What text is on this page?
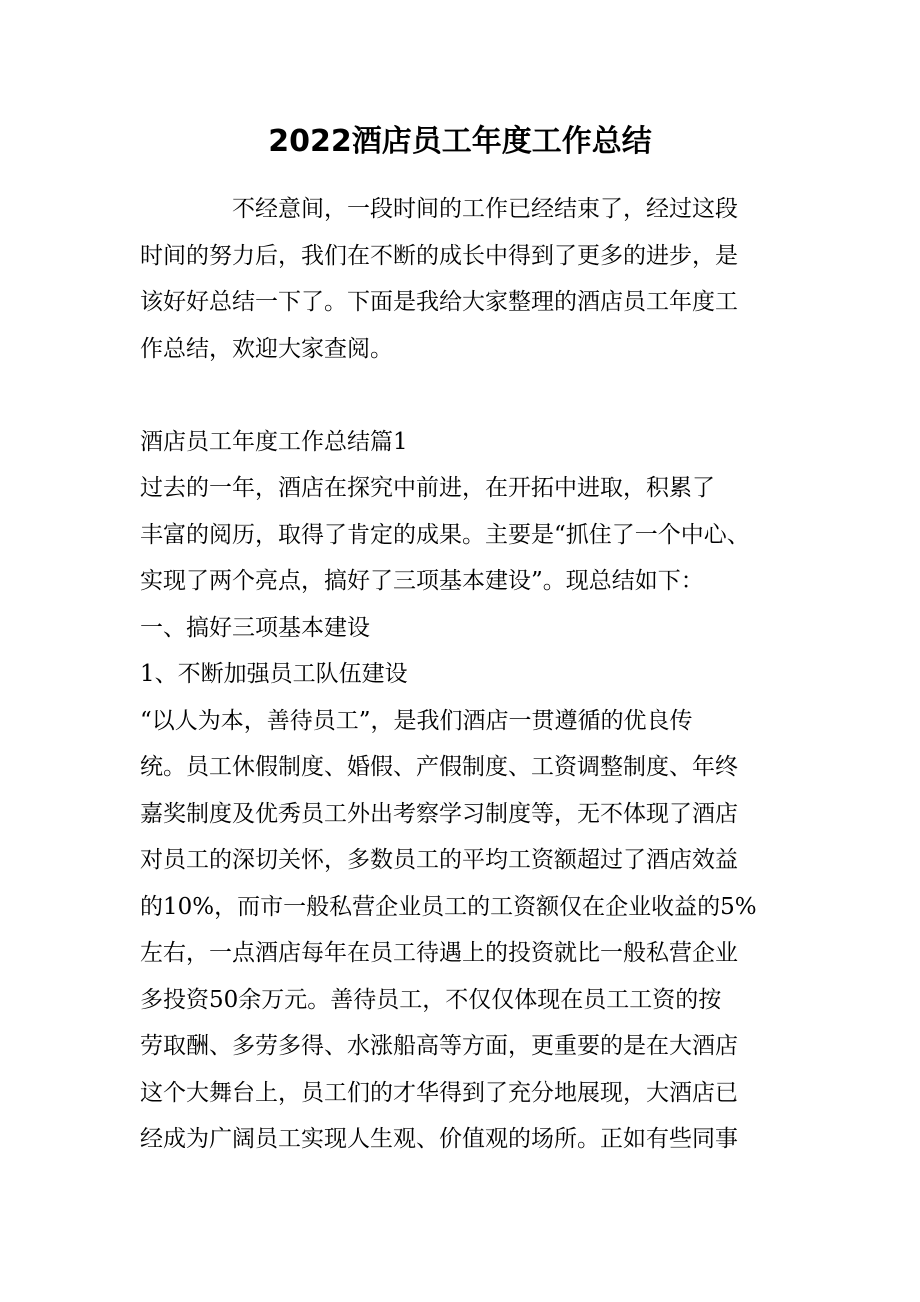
2022酒店员工年度工作总结

　　　　不经意间，一段时间的工作已经结束了，经过这段
时间的努力后，我们在不断的成长中得到了更多的进步，是
该好好总结一下了。下面是我给大家整理的酒店员工年度工
作总结，欢迎大家查阅。

酒店员工年度工作总结篇1

过去的一年，酒店在探究中前进，在开拓中进取，积累了
丰富的阅历，取得了肯定的成果。主要是“抓住了一个中心、
实现了两个亮点，搞好了三项基本建设”。现总结如下：

一、搞好三项基本建设

1、不断加强员工队伍建设

“以人为本，善待员工”，是我们酒店一贯遵循的优良传
统。员工休假制度、婚假、产假制度、工资调整制度、年终
嘉奖制度及优秀员工外出考察学习制度等，无不体现了酒店
对员工的深切关怀，多数员工的平均工资额超过了酒店效益
的10%，而市一般私营企业员工的工资额仅在企业收益的5%
左右，一点酒店每年在员工待遇上的投资就比一般私营企业
多投资50余万元。善待员工，不仅仅体现在员工工资的按
劳取酬、多劳多得、水涨船高等方面，更重要的是在大酒店
这个大舞台上，员工们的才华得到了充分地展现，大酒店已
经成为广阔员工实现人生观、价值观的场所。正如有些同事
